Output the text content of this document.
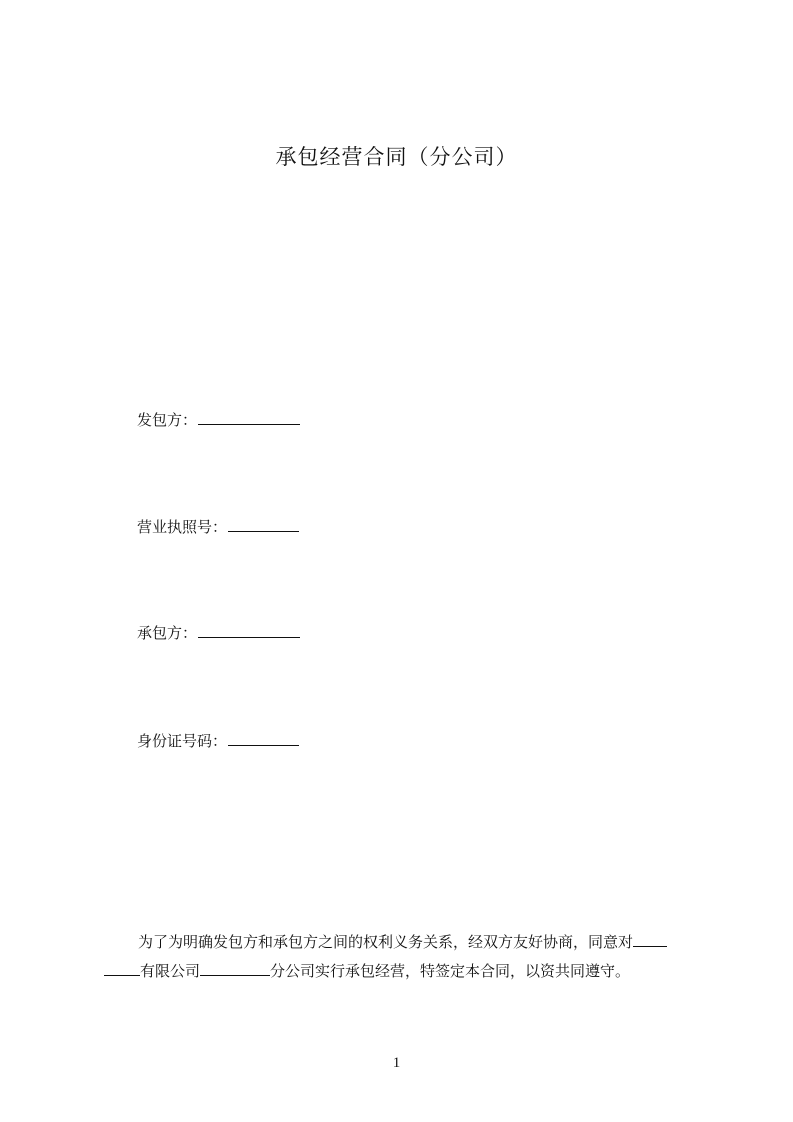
承包经营合同（分公司）
发包方：
营业执照号：
承包方：
身份证号码：
为了为明确发包方和承包方之间的权利义务关系，经双方友好协商，同意对
有限公司	分公司实行承包经营，特签定本合同，以资共同遵守。
1
